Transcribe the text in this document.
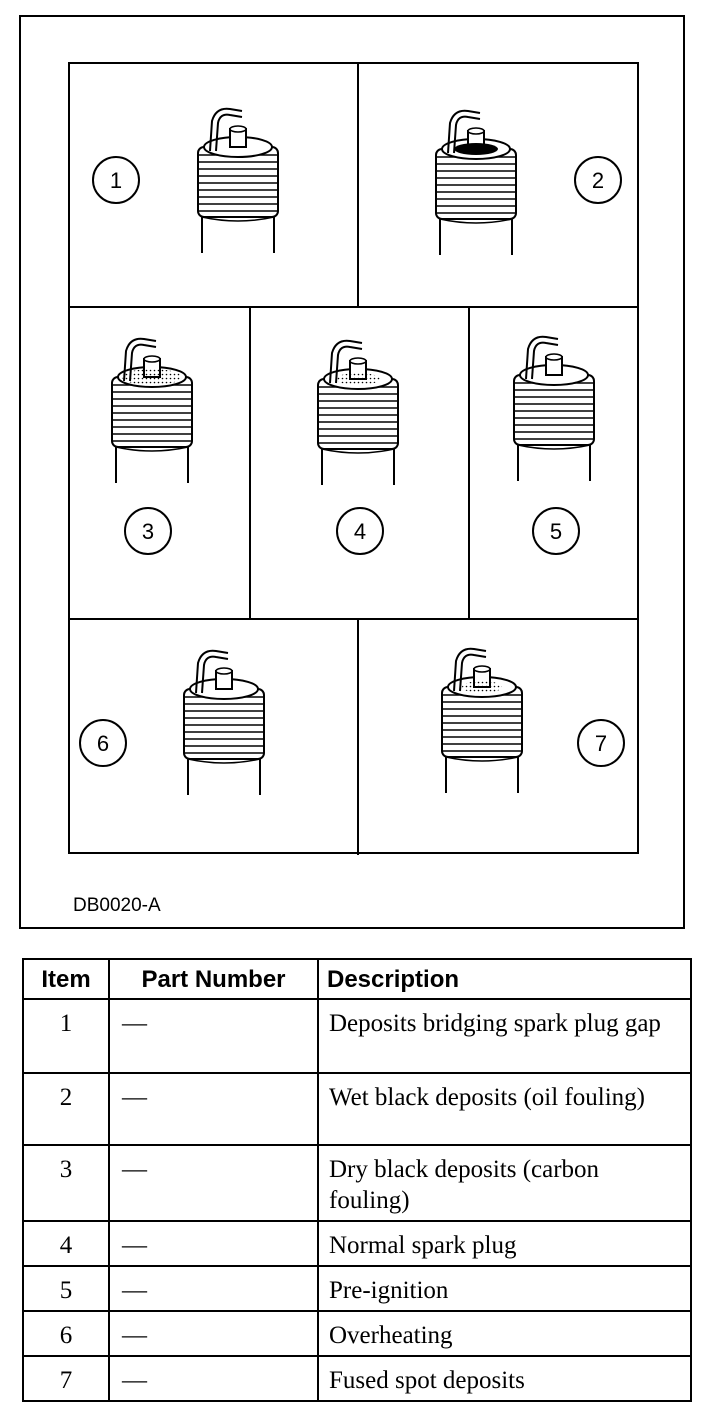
1	2
3	4	5
6	7
DB0020-A
Item	Part Number	Description
1	—	Deposits bridging spark plug gap
2	—	Wet black deposits (oil fouling)
3	—	Dry black deposits (carbon fouling)
4	—	Normal spark plug
5	—	Pre-ignition
6	—	Overheating
7	—	Fused spot deposits
